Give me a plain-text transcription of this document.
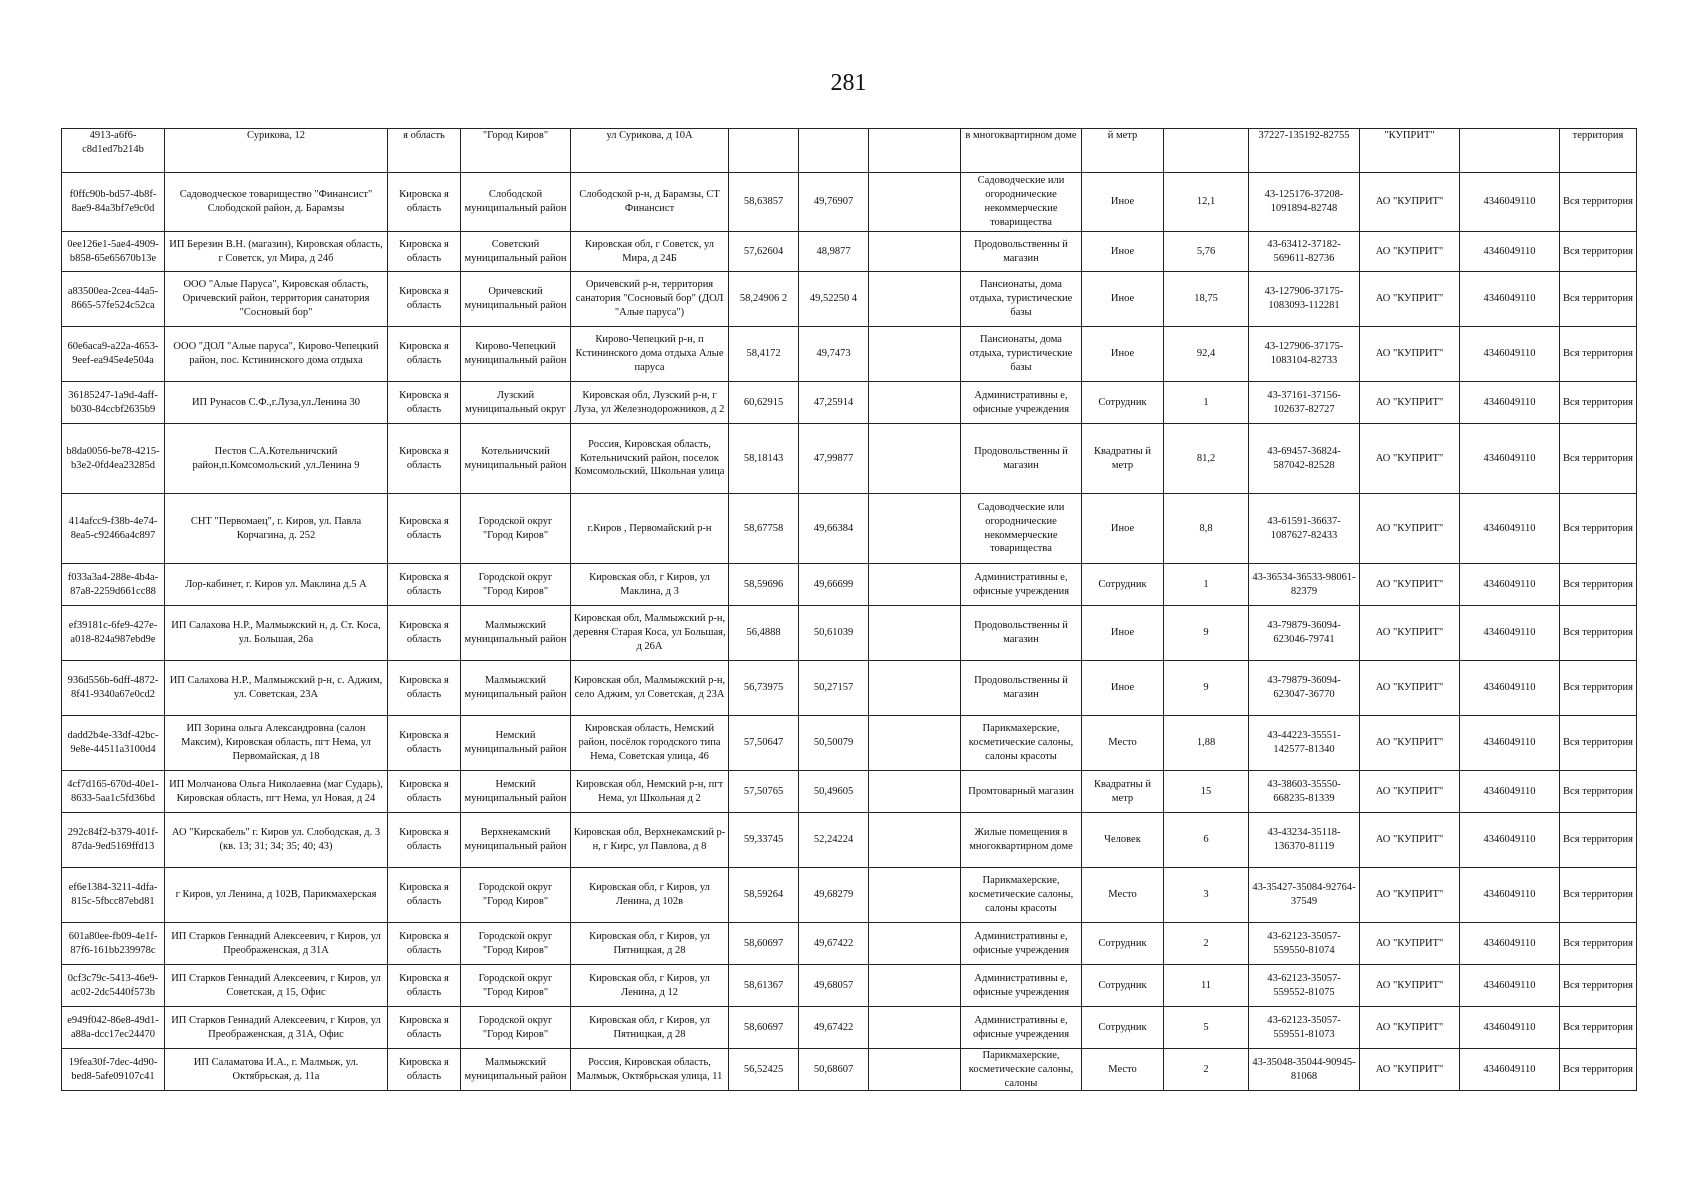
281
4913-a6f6-c8d1ed7b214b	Сурикова, 12	я область	"Город Киров"	ул Сурикова, д 10А				в многоквартирном доме	й метр		37227-135192-82755	"КУПРИТ"		территория
f0ffc90b-bd57-4b8f-8ae9-84a3bf7e9c0d	Садоводческое товарищество "Финансист" Слободской район, д. Барамзы	Кировска я область	Слободской муниципальный район	Слободской р-н, д Барамзы, СТ Финансист	58,63857	49,76907		Садоводческие или огороднические некоммерческие товарищества	Иное	12,1	43-125176-37208-1091894-82748	АО "КУПРИТ"	4346049110	Вся территория
0ee126e1-5ae4-4909-b858-65e65670b13e	ИП Березин В.Н. (магазин), Кировская область, г Советск, ул Мира, д 24б	Кировска я область	Советский муниципальный район	Кировская обл, г Советск, ул Мира, д 24Б	57,62604	48,9877		Продовольственны й магазин	Иное	5,76	43-63412-37182-569611-82736	АО "КУПРИТ"	4346049110	Вся территория
a83500ea-2cea-44a5-8665-57fe524c52ca	ООО "Алые Паруса", Кировская область, Оричевский район, территория санатория "Сосновый бор"	Кировска я область	Оричевский муниципальный район	Оричевский р-н, территория санатория "Сосновый бор" (ДОЛ "Алые паруса")	58,24906 2	49,52250 4		Пансионаты, дома отдыха, туристические базы	Иное	18,75	43-127906-37175-1083093-112281	АО "КУПРИТ"	4346049110	Вся территория
60e6aca9-a22a-4653-9eef-ea945e4e504a	ООО "ДОЛ "Алые паруса", Кирово-Чепецкий район, пос. Кстининского дома отдыха	Кировска я область	Кирово-Чепецкий муниципальный район	Кирово-Чепецкий р-н, п Кстининского дома отдыха Алые паруса	58,4172	49,7473		Пансионаты, дома отдыха, туристические базы	Иное	92,4	43-127906-37175-1083104-82733	АО "КУПРИТ"	4346049110	Вся территория
36185247-1a9d-4aff-b030-84ccbf2635b9	ИП Рунасов С.Ф.,г.Луза,ул.Ленина 30	Кировска я область	Лузский муниципальный округ	Кировская обл, Лузский р-н, г Луза, ул Железнодорожников, д 2	60,62915	47,25914		Административны е, офисные учреждения	Сотрудник	1	43-37161-37156-102637-82727	АО "КУПРИТ"	4346049110	Вся территория
b8da0056-be78-4215-b3e2-0fd4ea23285d	Пестов С.А.Котельничский район,п.Комсомольский ,ул.Ленина 9	Кировска я область	Котельничский муниципальный район	Россия, Кировская область, Котельничский район, поселок Комсомольский, Школьная улица	58,18143	47,99877		Продовольственны й магазин	Квадратны й метр	81,2	43-69457-36824-587042-82528	АО "КУПРИТ"	4346049110	Вся территория
414afcc9-f38b-4e74-8ea5-c92466a4c897	СНТ "Первомаец", г. Киров, ул. Павла Корчагина, д. 252	Кировска я область	Городской округ "Город Киров"	г.Киров , Первомайский р-н	58,67758	49,66384		Садоводческие или огороднические некоммерческие товарищества	Иное	8,8	43-61591-36637-1087627-82433	АО "КУПРИТ"	4346049110	Вся территория
f033a3a4-288e-4b4a-87a8-2259d661cc88	Лор-кабинет, г. Киров ул. Маклина д.5 А	Кировска я область	Городской округ "Город Киров"	Кировская обл, г Киров, ул Маклина, д 3	58,59696	49,66699		Административны е, офисные учреждения	Сотрудник	1	43-36534-36533-98061-82379	АО "КУПРИТ"	4346049110	Вся территория
ef39181c-6fe9-427e-a018-824a987ebd9e	ИП Салахова Н.Р., Малмыжский н, д. Ст. Коса, ул. Большая, 26а	Кировска я область	Малмыжский муниципальный район	Кировская обл, Малмыжский р-н, деревня Старая Коса, ул Большая, д 26А	56,4888	50,61039		Продовольственны й магазин	Иное	9	43-79879-36094-623046-79741	АО "КУПРИТ"	4346049110	Вся территория
936d556b-6dff-4872-8f41-9340a67e0cd2	ИП Салахова Н.Р., Малмыжский р-н, с. Аджим, ул. Советская, 23А	Кировска я область	Малмыжский муниципальный район	Кировская обл, Малмыжский р-н, село Аджим, ул Советская, д 23А	56,73975	50,27157		Продовольственны й магазин	Иное	9	43-79879-36094-623047-36770	АО "КУПРИТ"	4346049110	Вся территория
dadd2b4e-33df-42bc-9e8e-44511a3100d4	ИП Зорина ольга Александровна (салон Максим), Кировская область, пгт Нема, ул Первомайская, д 18	Кировска я область	Немский муниципальный район	Кировская область, Немский район, посёлок городского типа Нема, Советская улица, 46	57,50647	50,50079		Парикмахерские, косметические салоны, салоны красоты	Место	1,88	43-44223-35551-142577-81340	АО "КУПРИТ"	4346049110	Вся территория
4cf7d165-670d-40e1-8633-5aa1c5fd36bd	ИП Молчанова Ольга Николаевна (маг Сударь), Кировская область, пгт Нема, ул Новая, д 24	Кировска я область	Немский муниципальный район	Кировская обл, Немский р-н, пгт Нема, ул Школьная д 2	57,50765	50,49605		Промтоварный магазин	Квадратны й метр	15	43-38603-35550-668235-81339	АО "КУПРИТ"	4346049110	Вся территория
292c84f2-b379-401f-87da-9ed5169ffd13	АО "Кирскабель" г. Киров ул. Слободская, д. 3 (кв. 13; 31; 34; 35; 40; 43)	Кировска я область	Верхнекамский муниципальный район	Кировская обл, Верхнекамский р-н, г Кирс, ул Павлова, д 8	59,33745	52,24224		Жилые помещения в многоквартирном доме	Человек	6	43-43234-35118-136370-81119	АО "КУПРИТ"	4346049110	Вся территория
ef6e1384-3211-4dfa-815c-5fbcc87ebd81	г Киров, ул Ленина, д 102В, Парикмахерская	Кировска я область	Городской округ "Город Киров"	Кировская обл, г Киров, ул Ленина, д 102в	58,59264	49,68279		Парикмахерские, косметические салоны, салоны красоты	Место	3	43-35427-35084-92764-37549	АО "КУПРИТ"	4346049110	Вся территория
601a80ee-fb09-4e1f-87f6-161bb239978c	ИП Старков Геннадий Алексеевич, г Киров, ул Преображенская, д 31А	Кировска я область	Городской округ "Город Киров"	Кировская обл, г Киров, ул Пятницкая, д 28	58,60697	49,67422		Административны е, офисные учреждения	Сотрудник	2	43-62123-35057-559550-81074	АО "КУПРИТ"	4346049110	Вся территория
0cf3c79c-5413-46e9-ac02-2dc5440f573b	ИП Старков Геннадий Алексеевич, г Киров, ул Советская, д 15, Офис	Кировска я область	Городской округ "Город Киров"	Кировская обл, г Киров, ул Ленина, д 12	58,61367	49,68057		Административны е, офисные учреждения	Сотрудник	11	43-62123-35057-559552-81075	АО "КУПРИТ"	4346049110	Вся территория
e949f042-86e8-49d1-a88a-dcc17ec24470	ИП Старков Геннадий Алексеевич, г Киров, ул Преображенская, д 31А, Офис	Кировска я область	Городской округ "Город Киров"	Кировская обл, г Киров, ул Пятницкая, д 28	58,60697	49,67422		Административны е, офисные учреждения	Сотрудник	5	43-62123-35057-559551-81073	АО "КУПРИТ"	4346049110	Вся территория
19fea30f-7dec-4d90-bed8-5afe09107c41	ИП Саламатова И.А., г. Малмыж, ул. Октябрьская, д. 11а	Кировска я область	Малмыжский муниципальный район	Россия, Кировская область, Малмыж, Октябрьская улица, 11	56,52425	50,68607		Парикмахерские, косметические салоны, салоны	Место	2	43-35048-35044-90945-81068	АО "КУПРИТ"	4346049110	Вся территория
